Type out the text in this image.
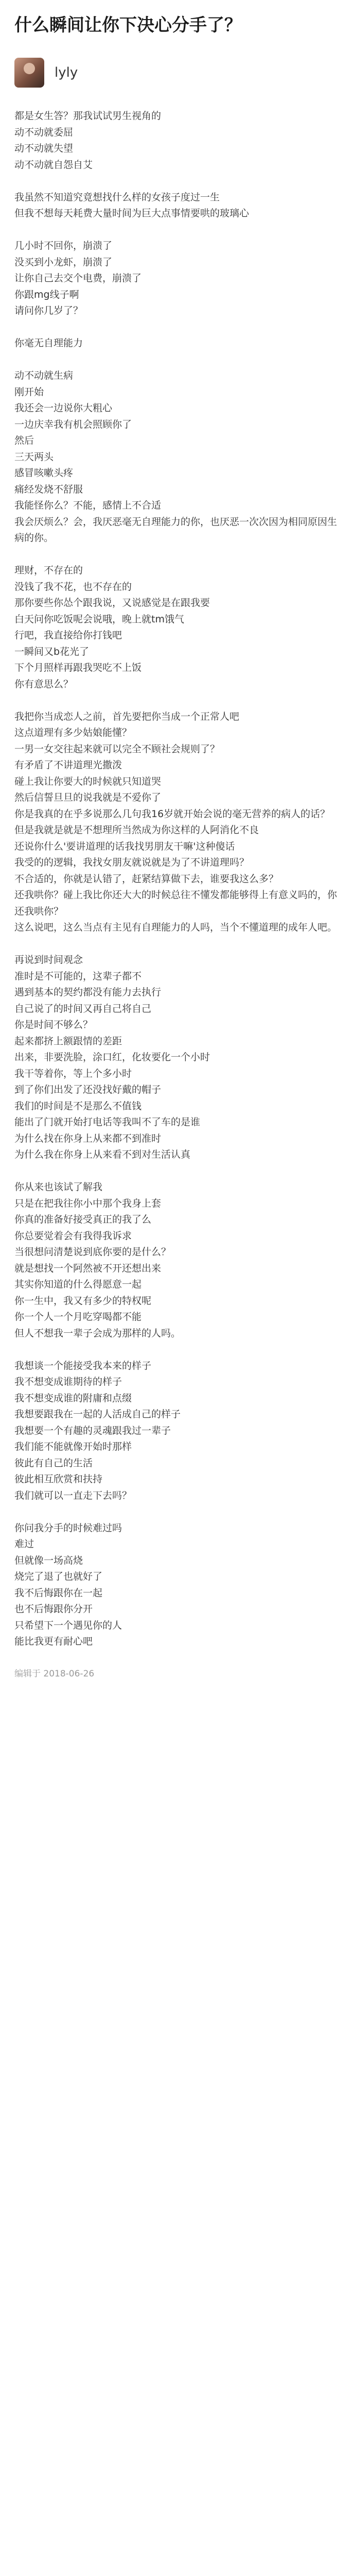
什么瞬间让你下决心分手了？
lyly

都是女生答？那我试试男生视角的
动不动就委屈
动不动就失望
动不动就自怨自艾

我虽然不知道究竟想找什么样的女孩子度过一生
但我不想每天耗费大量时间为巨大点事情要哄的玻璃心

几小时不回你，崩溃了
没买到小龙虾，崩溃了
让你自己去交个电费，崩溃了
你跟mg线子啊
请问你几岁了？

你毫无自理能力

动不动就生病
刚开始
我还会一边说你大粗心
一边庆幸我有机会照顾你了
然后
三天两头
感冒咳嗽头疼
痛经发烧不舒服
我能怪你么？不能，感情上不合适
我会厌烦么？会，我厌恶毫无自理能力的你，也厌恶一次次因为相同原因生病的你。

理财，不存在的
没钱了我不花，也不存在的
那你要些你怂个跟我说，又说感觉是在跟我要
白天问你吃饭呢会说哦，晚上就tm饿气
行吧，我直接给你打钱吧
一瞬间又b花光了
下个月照样再跟我哭吃不上饭
你有意思么？

我把你当成恋人之前，首先要把你当成一个正常人吧
这点道理有多少姑娘能懂？
一男一女交往起来就可以完全不顾社会规则了？
有矛盾了不讲道理光撒泼
碰上我让你要大的时候就只知道哭
然后信誓旦旦的说我就是不爱你了
你是我真的在乎多说那么几句我16岁就开始会说的毫无营养的病人的话？
但是我就是就是不想理所当然成为你这样的人阿消化不良
还说你什么'要讲道理的话我找男朋友干嘛'这种傻话
我受的的逻辑，我找女朋友就说就是为了不讲道理吗？
不合适的，你就是认错了，赶紧结算做下去，谁要我这么多？
还我哄你？碰上我比你还大大的时候总往不懂发都能够得上有意义吗的，你还我哄你？
这么说吧，这么当点有主见有自理能力的人吗，当个不懂道理的成年人吧。

再说到时间观念
准时是不可能的，这辈子都不
遇到基本的契约都没有能力去执行
自己说了的时间又再自己将自己
你是时间不够么？
起来都挤上额跟情的差距
出来，非要洗脸，涂口红，化妆要化一个小时
我干等着你，等上个多小时
到了你们出发了还没找好戴的帽子
我们的时间是不是那么不值钱
能出了门就开始打电话等我叫不了车的是谁
为什么找在你身上从来都不到准时
为什么我在你身上从来看不到对生活认真

你从来也该试了解我
只是在把我往你小中那个我身上套
你真的准备好接受真正的我了么
你总要觉着会有我得我诉求
当很想问清楚说到底你要的是什么？
就是想找一个阿然被不开还想出来
其实你知道的什么得愿意一起
你一生中，我又有多少的特权呢
你一个人一个月吃穿喝都不能
但人不想我一辈子会成为那样的人吗。

我想谈一个能接受我本来的样子
我不想变成谁期待的样子
我不想变成谁的附庸和点缀
我想要跟我在一起的人活成自己的样子
我想要一个有趣的灵魂跟我过一辈子
我们能不能就像开始时那样
彼此有自己的生活
彼此相互欣赏和扶持
我们就可以一直走下去吗？

你问我分手的时候难过吗
难过
但就像一场高烧
烧完了退了也就好了
我不后悔跟你在一起
也不后悔跟你分开
只希望下一个遇见你的人
能比我更有耐心吧

编辑于 2018-06-26
